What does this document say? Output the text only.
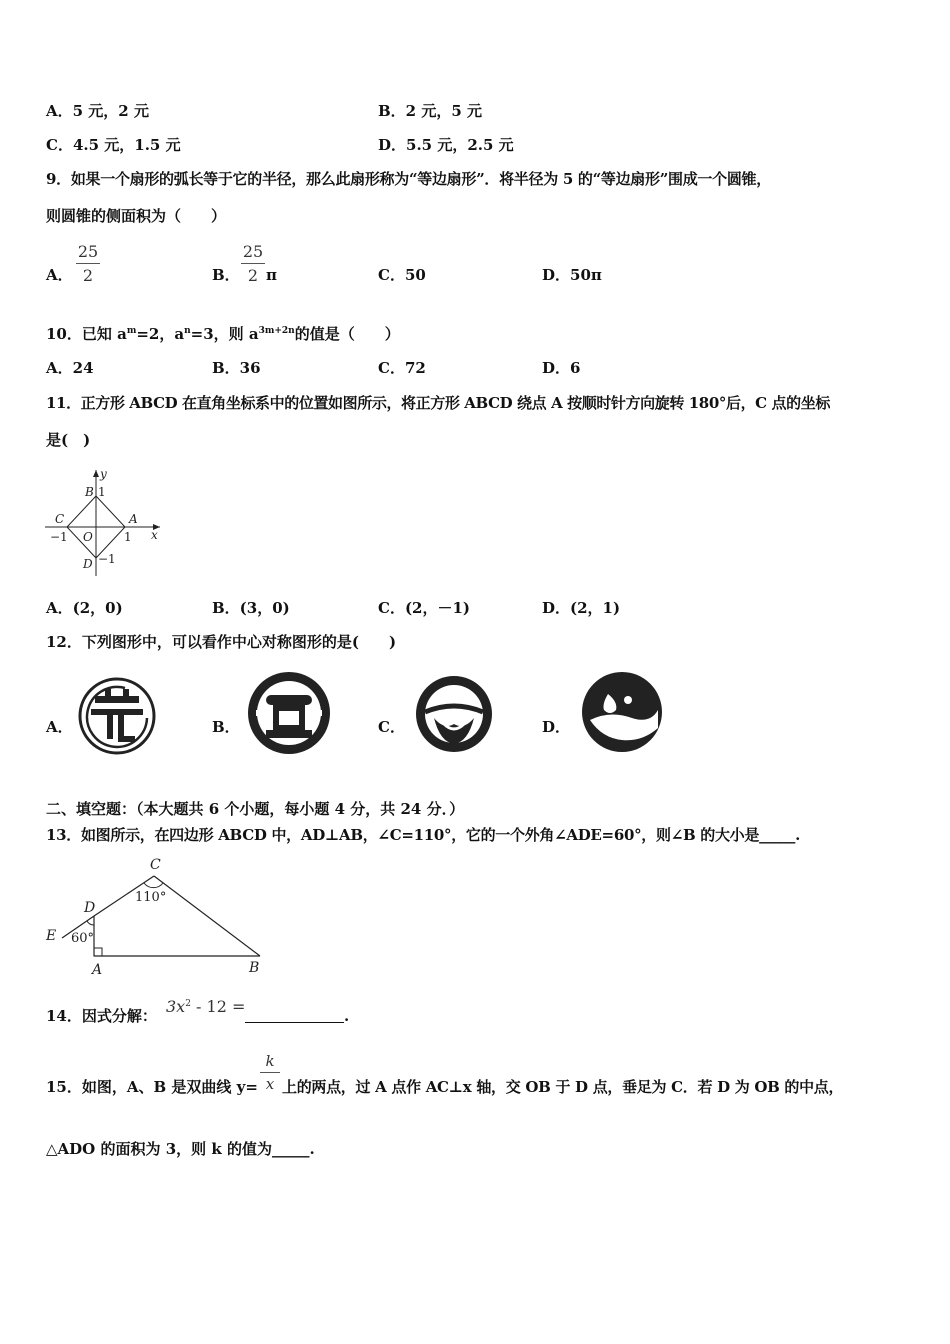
A．5 元，2 元	B．2 元，5 元
C．4.5 元，1.5 元	D．5.5 元，2.5 元
9．如果一个扇形的弧长等于它的半径，那么此扇形称为“等边扇形”．将半径为 5 的“等边扇形”围成一个圆锥，
则圆锥的侧面积为（　　）
A．
25
2	B．
25
2 π	C．50	D．50π
10．已知 $a^m=2$，$a^n=3$，则 $a^{3m+2n}$的值是（　　）
A．24	B．36	C．72	D．6
11．正方形 ABCD 在直角坐标系中的位置如图所示，将正方形 ABCD 绕点 A 按顺时针方向旋转 180°后，C 点的坐标
是(　)
y
x
B 1
C	A
−1 O	1
D −1
A．(2，0)	B．(3，0)	C．(2，－1)	D．(2，1)
12．下列图形中，可以看作中心对称图形的是(　　)
A．	B．	C．	D．
二、填空题：（本大题共 6 个小题，每小题 4 分，共 24 分．）
13．如图所示，在四边形 ABCD 中，AD⊥AB，∠C=110°，它的一个外角∠ADE=60°，则∠B 的大小是_____.
C
110°
D
E 60°
A	B
14．因式分解： $3x^2 - 12$ =	.
15．如图，A、B 是双曲线 y=
k
x 上的两点，过 A 点作 AC⊥x 轴，交 OB 于 D 点，垂足为 C．若 D 为 OB 的中点，
△ADO 的面积为 3，则 k 的值为_____.
